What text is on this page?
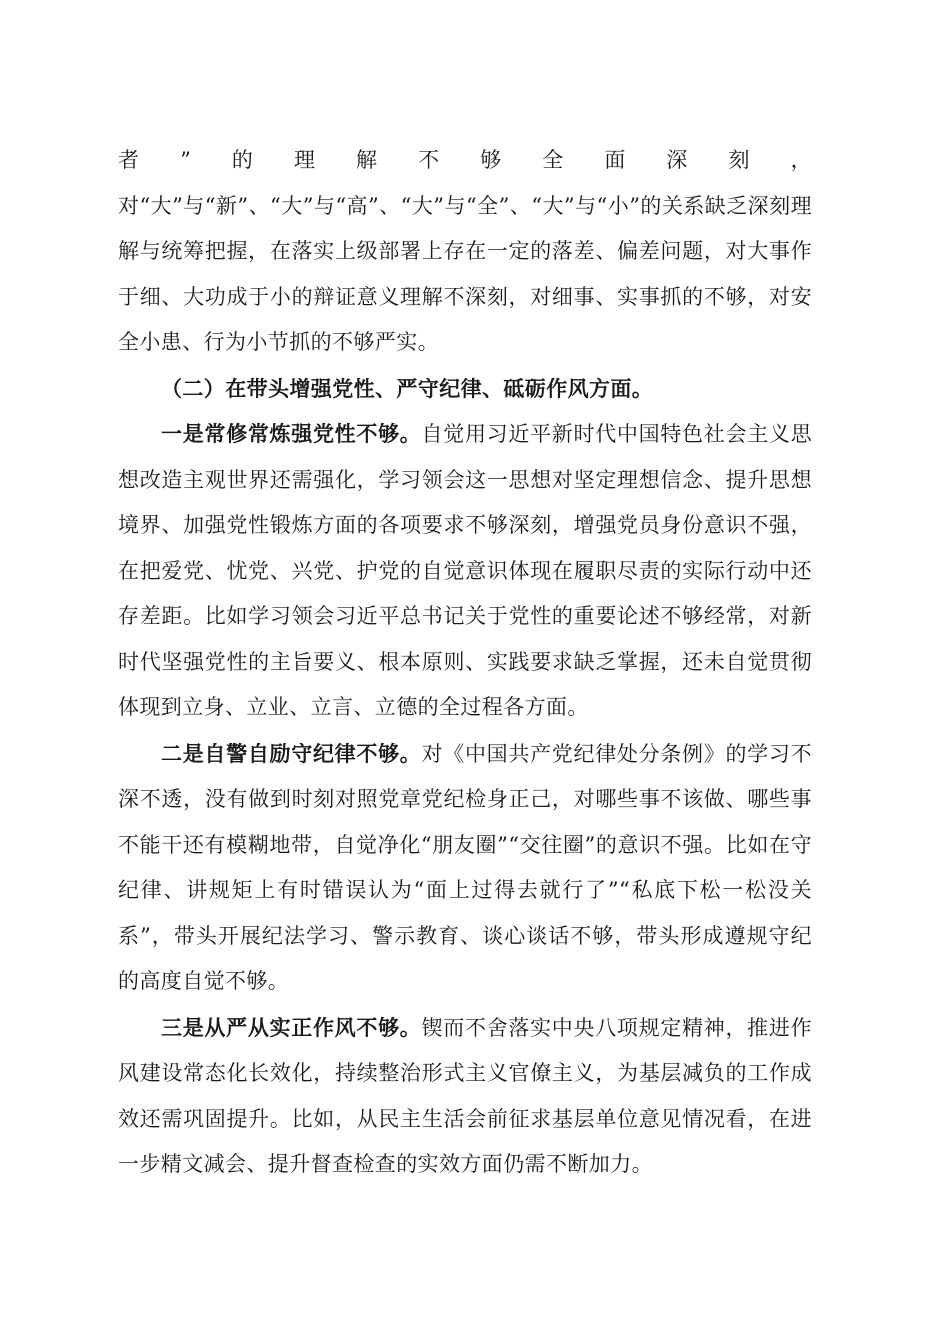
者”的理解不够全面深刻，对“大”与“新”、“大”与“高”、“大”与“全”、“大”与“小”的关系缺乏深刻理解与统筹把握，在落实上级部署上存在一定的落差、偏差问题，对大事作于细、大功成于小的辩证意义理解不深刻，对细事、实事抓的不够，对安全小患、行为小节抓的不够严实。

（二）在带头增强党性、严守纪律、砥砺作风方面。

一是常修常炼强党性不够。自觉用习近平新时代中国特色社会主义思想改造主观世界还需强化，学习领会这一思想对坚定理想信念、提升思想境界、加强党性锻炼方面的各项要求不够深刻，增强党员身份意识不强，在把爱党、忧党、兴党、护党的自觉意识体现在履职尽责的实际行动中还存差距。比如学习领会习近平总书记关于党性的重要论述不够经常，对新时代坚强党性的主旨要义、根本原则、实践要求缺乏掌握，还未自觉贯彻体现到立身、立业、立言、立德的全过程各方面。

二是自警自励守纪律不够。对《中国共产党纪律处分条例》的学习不深不透，没有做到时刻对照党章党纪检身正己，对哪些事不该做、哪些事不能干还有模糊地带，自觉净化“朋友圈”“交往圈”的意识不强。比如在守纪律、讲规矩上有时错误认为“面上过得去就行了”“私底下松一松没关系”，带头开展纪法学习、警示教育、谈心谈话不够，带头形成遵规守纪的高度自觉不够。

三是从严从实正作风不够。锲而不舍落实中央八项规定精神，推进作风建设常态化长效化，持续整治形式主义官僚主义，为基层减负的工作成效还需巩固提升。比如，从民主生活会前征求基层单位意见情况看，在进一步精文减会、提升督查检查的实效方面仍需不断加力。
